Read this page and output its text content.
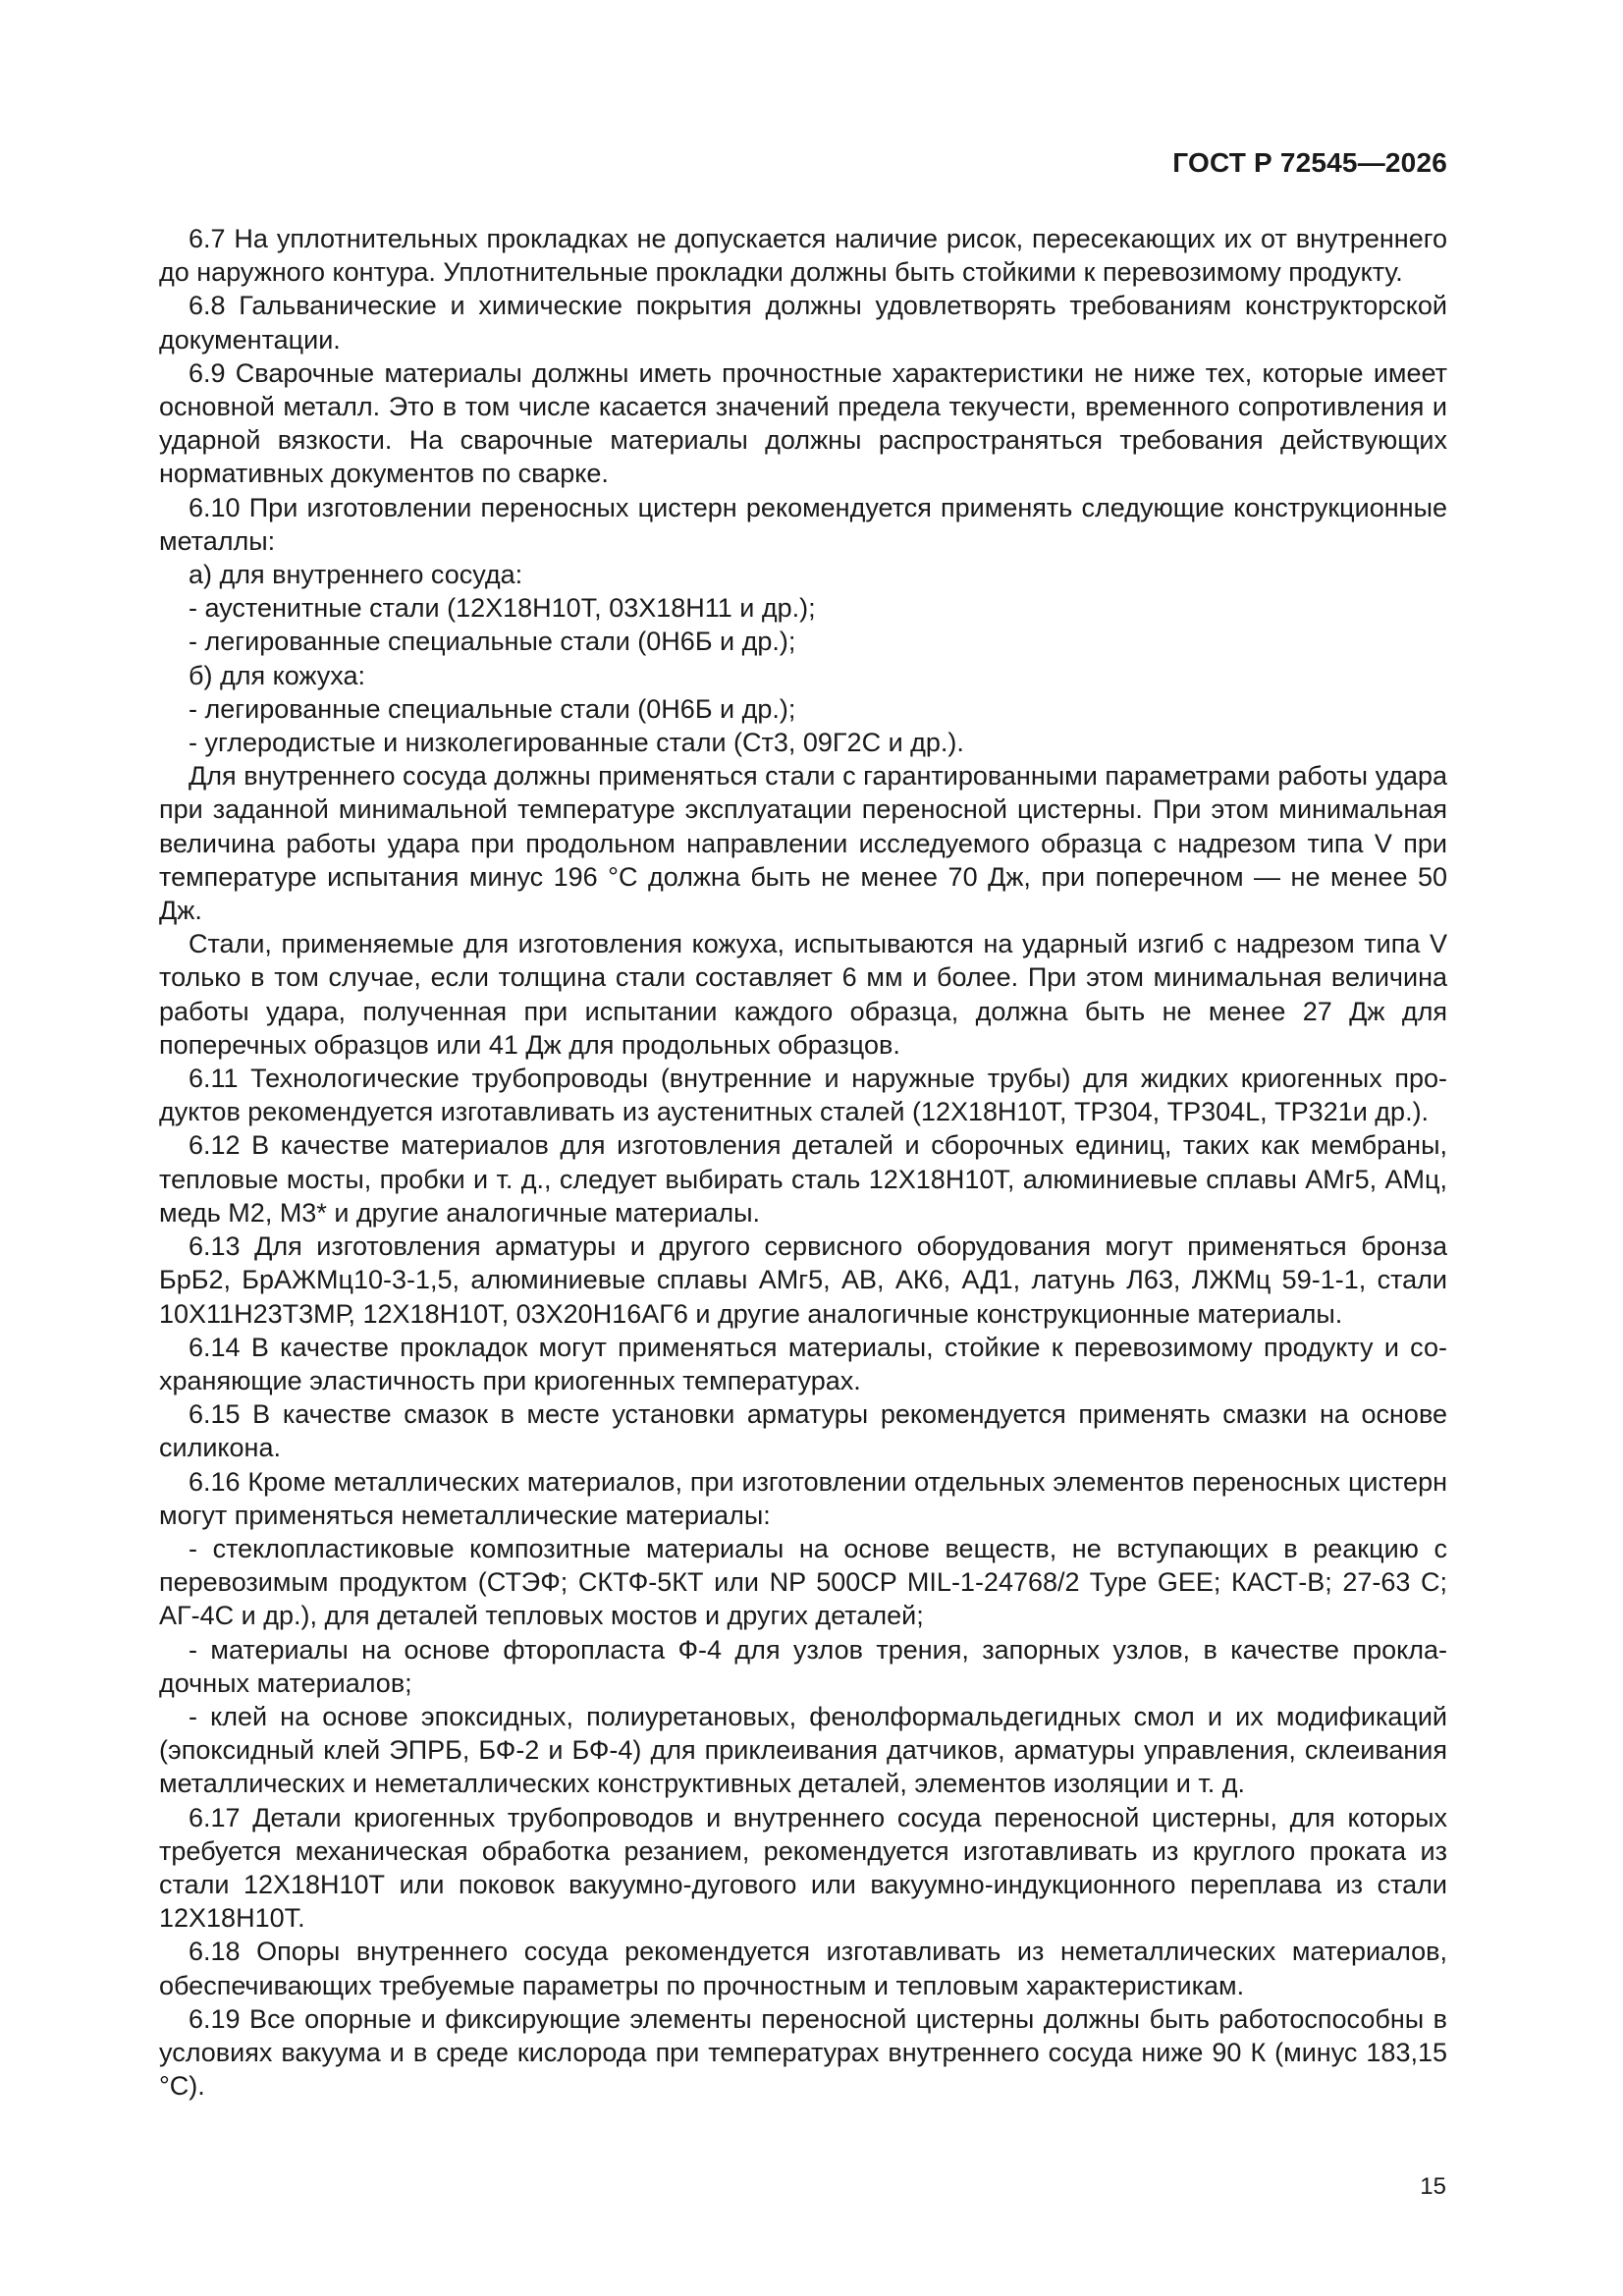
ГОСТ Р 72545—2026

6.7 На уплотнительных прокладках не допускается наличие рисок, пересекающих их от внутреннего до наружного контура. Уплотнительные прокладки должны быть стойкими к перевозимому продукту.

6.8 Гальванические и химические покрытия должны удовлетворять требованиям конструкторской документации.

6.9 Сварочные материалы должны иметь прочностные характеристики не ниже тех, которые имеет основной металл. Это в том числе касается значений предела текучести, временного сопротивления и ударной вязкости. На сварочные материалы должны распространяться требования действующих нормативных документов по сварке.

6.10 При изготовлении переносных цистерн рекомендуется применять следующие конструкционные металлы:

а) для внутреннего сосуда:

- аустенитные стали (12Х18Н10Т, 03Х18Н11 и др.);

- легированные специальные стали (0Н6Б и др.);

б) для кожуха:

- легированные специальные стали (0Н6Б и др.);

- углеродистые и низколегированные стали (Ст3, 09Г2С и др.).

Для внутреннего сосуда должны применяться стали с гарантированными параметрами работы удара при заданной минимальной температуре эксплуатации переносной цистерны. При этом минимальная величина работы удара при продольном направлении исследуемого образца с надрезом типа V при температуре испытания минус 196 °С должна быть не менее 70 Дж, при поперечном — не менее 50 Дж.

Стали, применяемые для изготовления кожуха, испытываются на ударный изгиб с надрезом типа V только в том случае, если толщина стали составляет 6 мм и более. При этом минимальная величина работы удара, полученная при испытании каждого образца, должна быть не менее 27 Дж для поперечных образцов или 41 Дж для продольных образцов.

6.11 Технологические трубопроводы (внутренние и наружные трубы) для жидких криогенных продуктов рекомендуется изготавливать из аустенитных сталей (12Х18Н10Т, ТР304, ТР304L, ТР321и др.).

6.12 В качестве материалов для изготовления деталей и сборочных единиц, таких как мембраны, тепловые мосты, пробки и т. д., следует выбирать сталь 12Х18Н10Т, алюминиевые сплавы АМг5, АМц, медь М2, М3* и другие аналогичные материалы.

6.13 Для изготовления арматуры и другого сервисного оборудования могут применяться бронза БрБ2, БрАЖМц10-3-1,5, алюминиевые сплавы АМг5, АВ, АК6, АД1, латунь Л63, ЛЖМц 59-1-1, стали 10Х11Н23Т3МР, 12Х18Н10Т, 03Х20Н16АГ6 и другие аналогичные конструкционные материалы.

6.14 В качестве прокладок могут применяться материалы, стойкие к перевозимому продукту и сохраняющие эластичность при криогенных температурах.

6.15 В качестве смазок в месте установки арматуры рекомендуется применять смазки на основе силикона.

6.16 Кроме металлических материалов, при изготовлении отдельных элементов переносных цистерн могут применяться неметаллические материалы:

- стеклопластиковые композитные материалы на основе веществ, не вступающих в реакцию с перевозимым продуктом (СТЭФ; СКТФ-5КТ или NP 500CP MIL-1-24768/2 Type GEE; КАСТ-В; 27-63 С; АГ-4С и др.), для деталей тепловых мостов и других деталей;

- материалы на основе фторопласта Ф-4 для узлов трения, запорных узлов, в качестве прокладочных материалов;

- клей на основе эпоксидных, полиуретановых, фенолформальдегидных смол и их модификаций (эпоксидный клей ЭПРБ, БФ-2 и БФ-4) для приклеивания датчиков, арматуры управления, склеивания металлических и неметаллических конструктивных деталей, элементов изоляции и т. д.

6.17 Детали криогенных трубопроводов и внутреннего сосуда переносной цистерны, для которых требуется механическая обработка резанием, рекомендуется изготавливать из круглого проката из стали 12Х18Н10Т или поковок вакуумно-дугового или вакуумно-индукционного переплава из стали 12Х18Н10Т.

6.18 Опоры внутреннего сосуда рекомендуется изготавливать из неметаллических материалов, обеспечивающих требуемые параметры по прочностным и тепловым характеристикам.

6.19 Все опорные и фиксирующие элементы переносной цистерны должны быть работоспособны в условиях вакуума и в среде кислорода при температурах внутреннего сосуда ниже 90 К (минус 183,15 °С).

15
